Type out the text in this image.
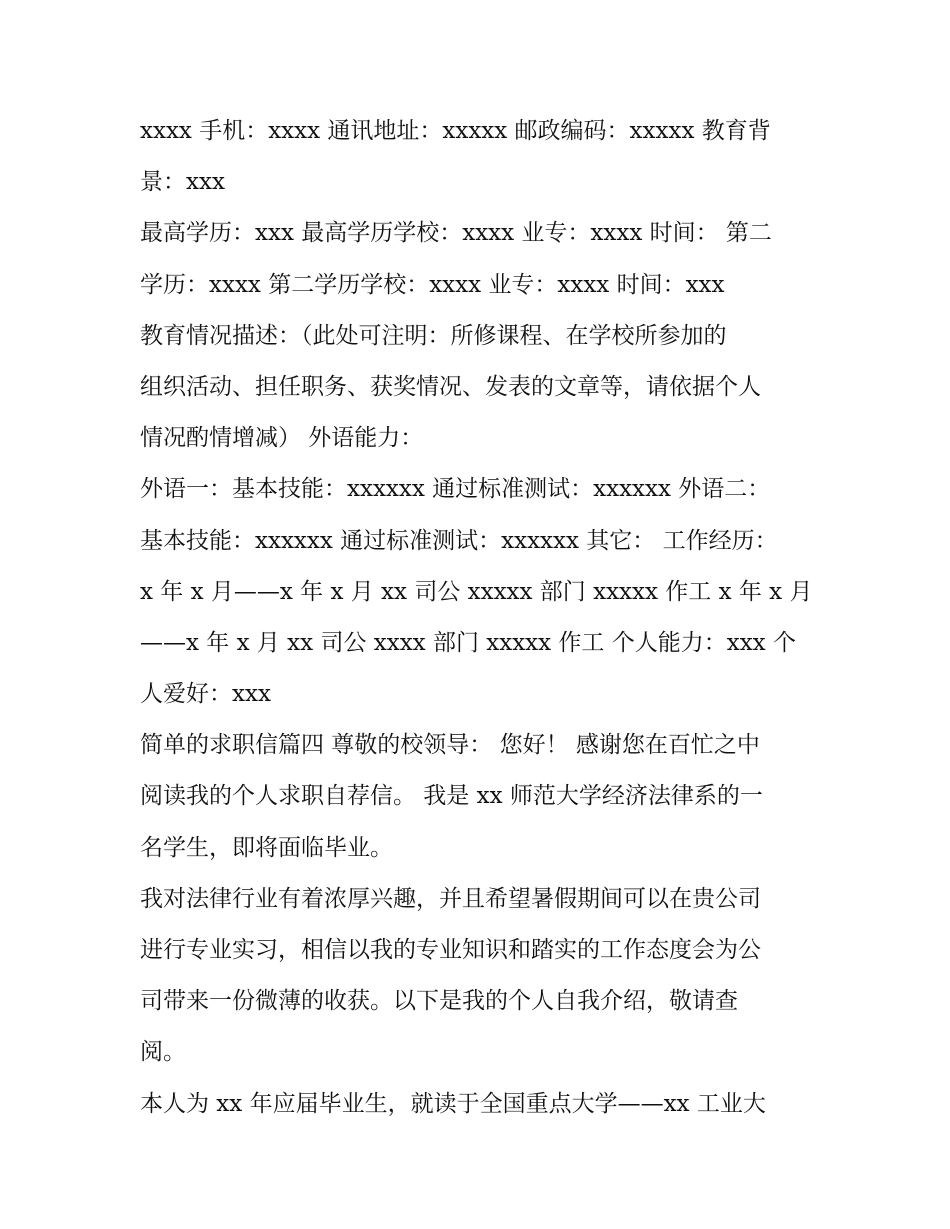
xxxx 手机：xxxx 通讯地址：xxxxx 邮政编码：xxxxx 教育背
景：xxx
最高学历：xxx 最高学历学校：xxxx 业专：xxxx 时间： 第二
学历：xxxx 第二学历学校：xxxx 业专：xxxx 时间：xxx
教育情况描述：（此处可注明：所修课程、在学校所参加的
组织活动、担任职务、获奖情况、发表的文章等，请依据个人
情况酌情增减） 外语能力：
外语一：基本技能：xxxxxx 通过标准测试：xxxxxx 外语二：
基本技能：xxxxxx 通过标准测试：xxxxxx 其它： 工作经历：
x 年 x 月——x 年 x 月 xx 司公 xxxxx 部门 xxxxx 作工 x 年 x 月
——x 年 x 月 xx 司公 xxxx 部门 xxxxx 作工 个人能力：xxx 个
人爱好：xxx
简单的求职信篇四 尊敬的校领导： 您好！ 感谢您在百忙之中
阅读我的个人求职自荐信。 我是 xx 师范大学经济法律系的一
名学生，即将面临毕业。
我对法律行业有着浓厚兴趣，并且希望暑假期间可以在贵公司
进行专业实习，相信以我的专业知识和踏实的工作态度会为公
司带来一份微薄的收获。以下是我的个人自我介绍，敬请查
阅。
本人为 xx 年应届毕业生，就读于全国重点大学——xx 工业大
